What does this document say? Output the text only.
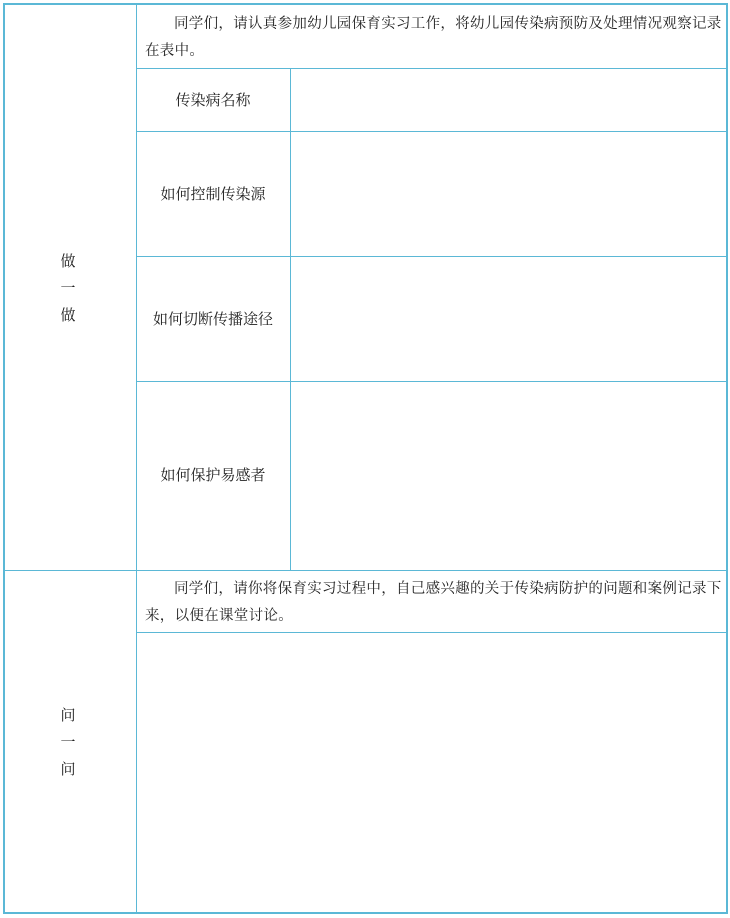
做
一
做
同学们，请认真参加幼儿园保育实习工作，将幼儿园传染病预防及处理情况观察记录在表中。
传染病名称
如何控制传染源
如何切断传播途径
如何保护易感者
问
一
问
同学们，请你将保育实习过程中，自己感兴趣的关于传染病防护的问题和案例记录下来，以便在课堂讨论。
